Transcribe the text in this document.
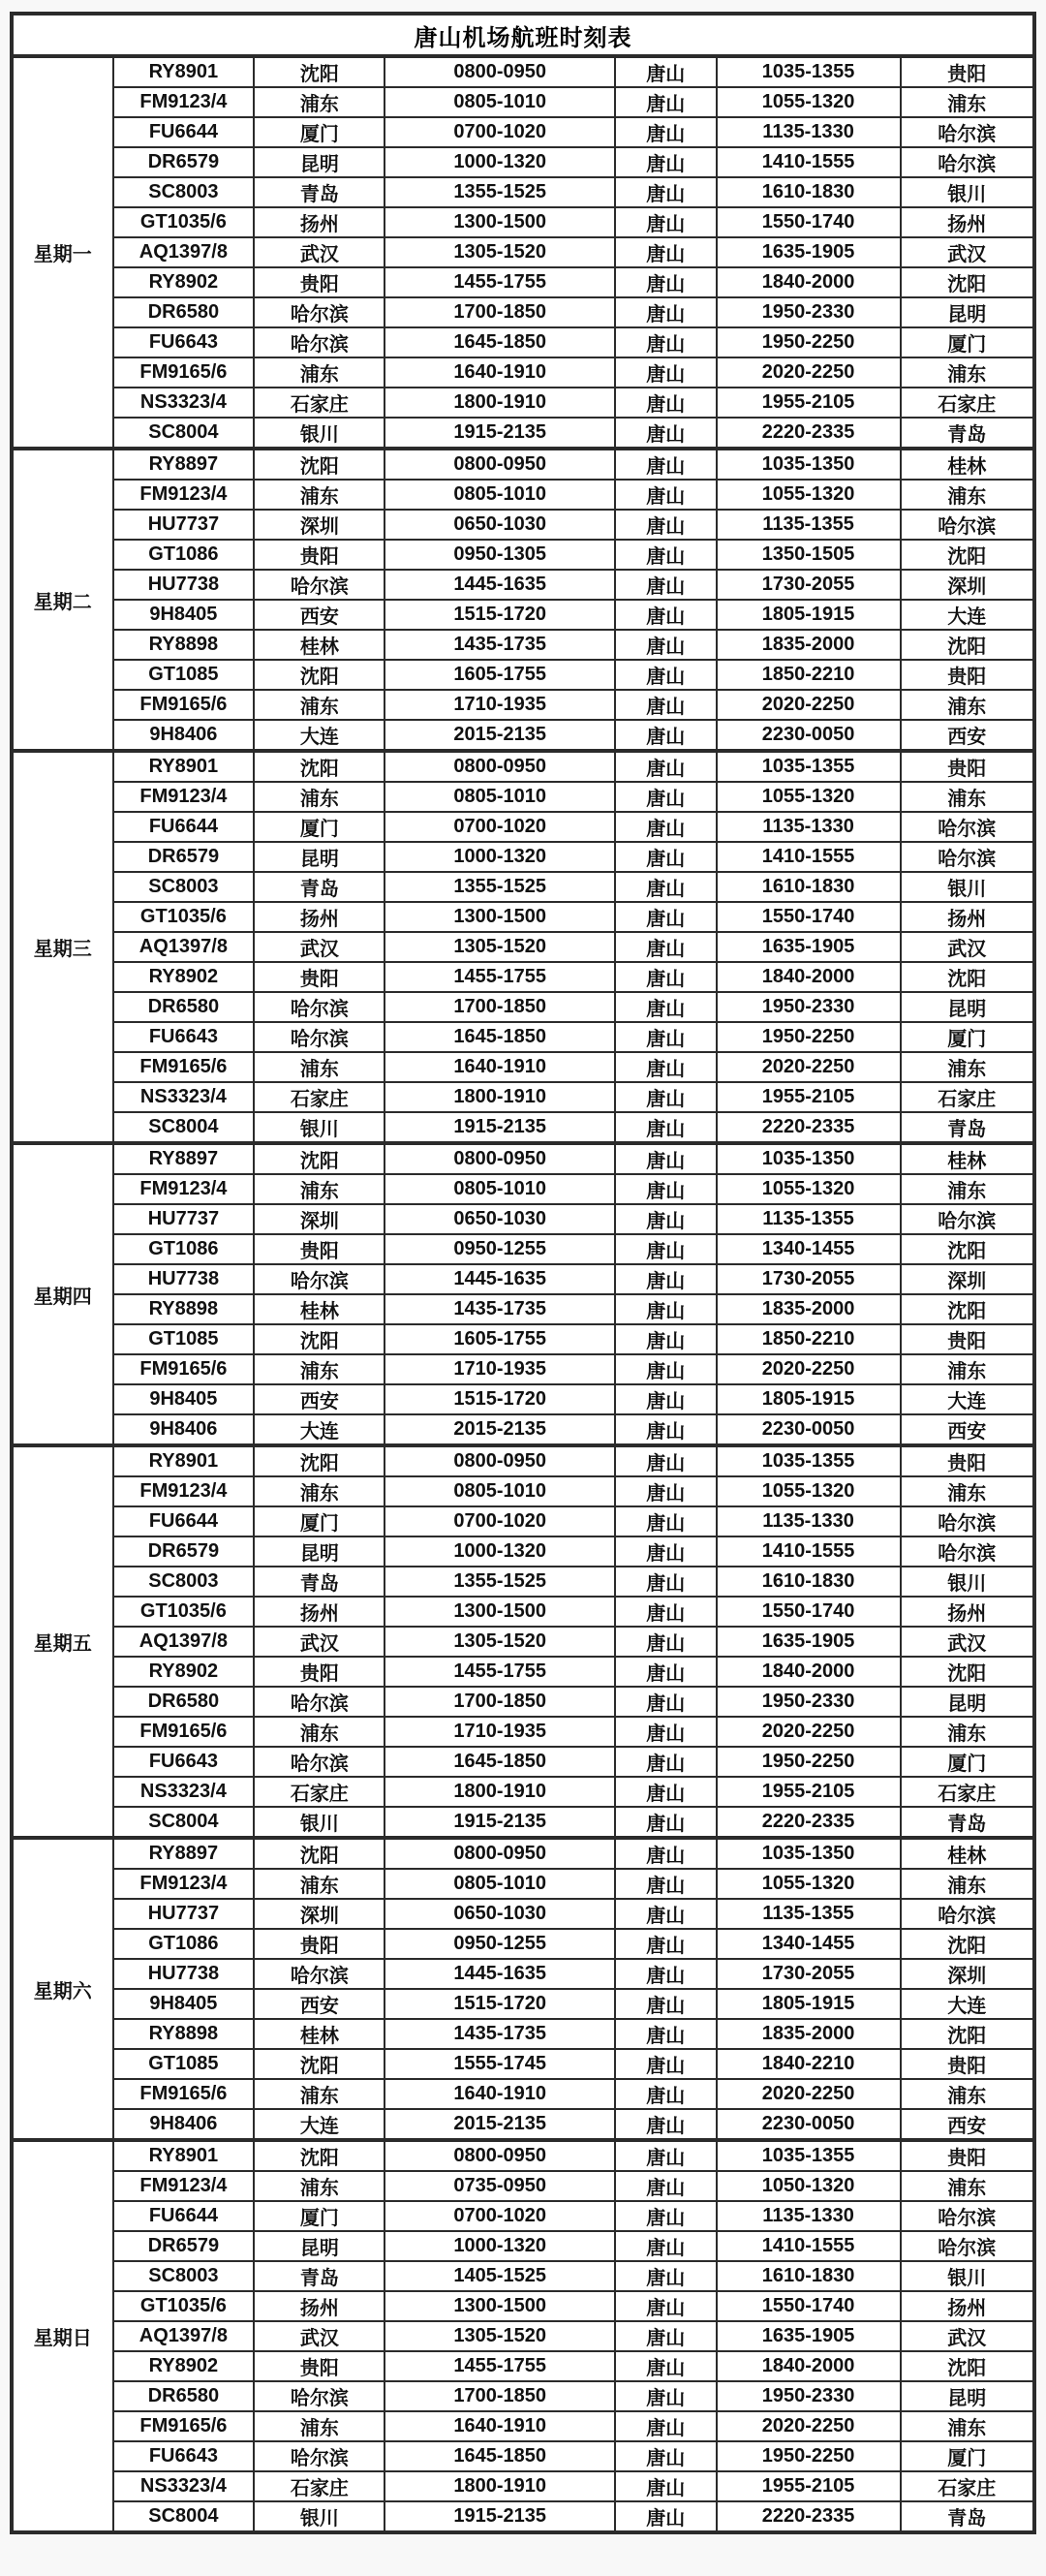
唐山机场航班时刻表						
星期一	RY8901	沈阳	0800-0950	唐山	1035-1355	贵阳
	FM9123/4	浦东	0805-1010	唐山	1055-1320	浦东
	FU6644	厦门	0700-1020	唐山	1135-1330	哈尔滨
	DR6579	昆明	1000-1320	唐山	1410-1555	哈尔滨
	SC8003	青岛	1355-1525	唐山	1610-1830	银川
	GT1035/6	扬州	1300-1500	唐山	1550-1740	扬州
	AQ1397/8	武汉	1305-1520	唐山	1635-1905	武汉
	RY8902	贵阳	1455-1755	唐山	1840-2000	沈阳
	DR6580	哈尔滨	1700-1850	唐山	1950-2330	昆明
	FU6643	哈尔滨	1645-1850	唐山	1950-2250	厦门
	FM9165/6	浦东	1640-1910	唐山	2020-2250	浦东
	NS3323/4	石家庄	1800-1910	唐山	1955-2105	石家庄
	SC8004	银川	1915-2135	唐山	2220-2335	青岛
星期二	RY8897	沈阳	0800-0950	唐山	1035-1350	桂林
	FM9123/4	浦东	0805-1010	唐山	1055-1320	浦东
	HU7737	深圳	0650-1030	唐山	1135-1355	哈尔滨
	GT1086	贵阳	0950-1305	唐山	1350-1505	沈阳
	HU7738	哈尔滨	1445-1635	唐山	1730-2055	深圳
	9H8405	西安	1515-1720	唐山	1805-1915	大连
	RY8898	桂林	1435-1735	唐山	1835-2000	沈阳
	GT1085	沈阳	1605-1755	唐山	1850-2210	贵阳
	FM9165/6	浦东	1710-1935	唐山	2020-2250	浦东
	9H8406	大连	2015-2135	唐山	2230-0050	西安
星期三	RY8901	沈阳	0800-0950	唐山	1035-1355	贵阳
	FM9123/4	浦东	0805-1010	唐山	1055-1320	浦东
	FU6644	厦门	0700-1020	唐山	1135-1330	哈尔滨
	DR6579	昆明	1000-1320	唐山	1410-1555	哈尔滨
	SC8003	青岛	1355-1525	唐山	1610-1830	银川
	GT1035/6	扬州	1300-1500	唐山	1550-1740	扬州
	AQ1397/8	武汉	1305-1520	唐山	1635-1905	武汉
	RY8902	贵阳	1455-1755	唐山	1840-2000	沈阳
	DR6580	哈尔滨	1700-1850	唐山	1950-2330	昆明
	FU6643	哈尔滨	1645-1850	唐山	1950-2250	厦门
	FM9165/6	浦东	1640-1910	唐山	2020-2250	浦东
	NS3323/4	石家庄	1800-1910	唐山	1955-2105	石家庄
	SC8004	银川	1915-2135	唐山	2220-2335	青岛
星期四	RY8897	沈阳	0800-0950	唐山	1035-1350	桂林
	FM9123/4	浦东	0805-1010	唐山	1055-1320	浦东
	HU7737	深圳	0650-1030	唐山	1135-1355	哈尔滨
	GT1086	贵阳	0950-1255	唐山	1340-1455	沈阳
	HU7738	哈尔滨	1445-1635	唐山	1730-2055	深圳
	RY8898	桂林	1435-1735	唐山	1835-2000	沈阳
	GT1085	沈阳	1605-1755	唐山	1850-2210	贵阳
	FM9165/6	浦东	1710-1935	唐山	2020-2250	浦东
	9H8405	西安	1515-1720	唐山	1805-1915	大连
	9H8406	大连	2015-2135	唐山	2230-0050	西安
星期五	RY8901	沈阳	0800-0950	唐山	1035-1355	贵阳
	FM9123/4	浦东	0805-1010	唐山	1055-1320	浦东
	FU6644	厦门	0700-1020	唐山	1135-1330	哈尔滨
	DR6579	昆明	1000-1320	唐山	1410-1555	哈尔滨
	SC8003	青岛	1355-1525	唐山	1610-1830	银川
	GT1035/6	扬州	1300-1500	唐山	1550-1740	扬州
	AQ1397/8	武汉	1305-1520	唐山	1635-1905	武汉
	RY8902	贵阳	1455-1755	唐山	1840-2000	沈阳
	DR6580	哈尔滨	1700-1850	唐山	1950-2330	昆明
	FM9165/6	浦东	1710-1935	唐山	2020-2250	浦东
	FU6643	哈尔滨	1645-1850	唐山	1950-2250	厦门
	NS3323/4	石家庄	1800-1910	唐山	1955-2105	石家庄
	SC8004	银川	1915-2135	唐山	2220-2335	青岛
星期六	RY8897	沈阳	0800-0950	唐山	1035-1350	桂林
	FM9123/4	浦东	0805-1010	唐山	1055-1320	浦东
	HU7737	深圳	0650-1030	唐山	1135-1355	哈尔滨
	GT1086	贵阳	0950-1255	唐山	1340-1455	沈阳
	HU7738	哈尔滨	1445-1635	唐山	1730-2055	深圳
	9H8405	西安	1515-1720	唐山	1805-1915	大连
	RY8898	桂林	1435-1735	唐山	1835-2000	沈阳
	GT1085	沈阳	1555-1745	唐山	1840-2210	贵阳
	FM9165/6	浦东	1640-1910	唐山	2020-2250	浦东
	9H8406	大连	2015-2135	唐山	2230-0050	西安
星期日	RY8901	沈阳	0800-0950	唐山	1035-1355	贵阳
	FM9123/4	浦东	0735-0950	唐山	1050-1320	浦东
	FU6644	厦门	0700-1020	唐山	1135-1330	哈尔滨
	DR6579	昆明	1000-1320	唐山	1410-1555	哈尔滨
	SC8003	青岛	1405-1525	唐山	1610-1830	银川
	GT1035/6	扬州	1300-1500	唐山	1550-1740	扬州
	AQ1397/8	武汉	1305-1520	唐山	1635-1905	武汉
	RY8902	贵阳	1455-1755	唐山	1840-2000	沈阳
	DR6580	哈尔滨	1700-1850	唐山	1950-2330	昆明
	FM9165/6	浦东	1640-1910	唐山	2020-2250	浦东
	FU6643	哈尔滨	1645-1850	唐山	1950-2250	厦门
	NS3323/4	石家庄	1800-1910	唐山	1955-2105	石家庄
	SC8004	银川	1915-2135	唐山	2220-2335	青岛
